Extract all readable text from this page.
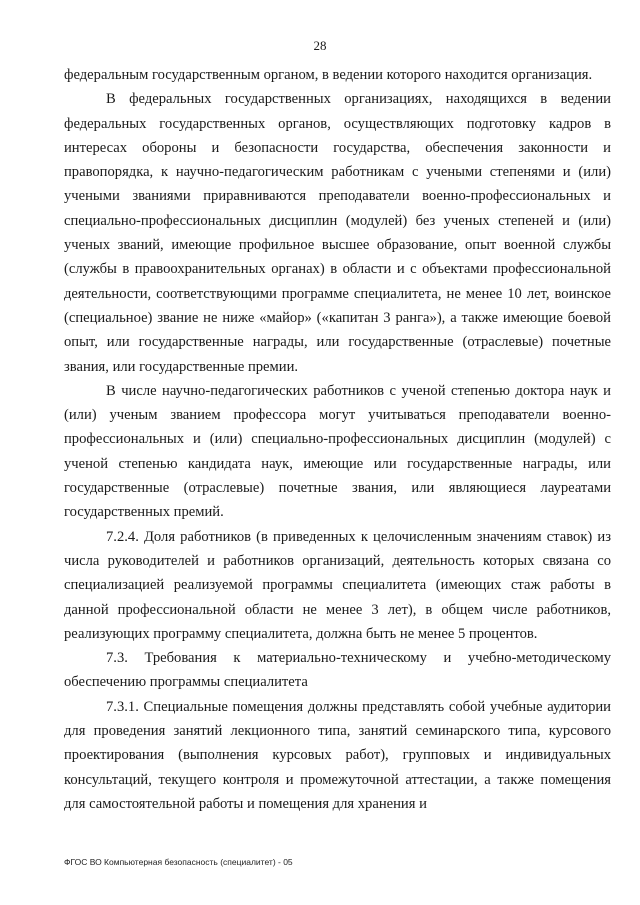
28

федеральным государственным органом, в ведении которого находится организация.

В федеральных государственных организациях, находящихся в ведении федеральных государственных органов, осуществляющих подготовку кадров в интересах обороны и безопасности государства, обеспечения законности и правопорядка, к научно-педагогическим работникам с учеными степенями и (или) учеными званиями приравниваются преподаватели военно-профессиональных и специально-профессиональных дисциплин (модулей) без ученых степеней и (или) ученых званий, имеющие профильное высшее образование, опыт военной службы (службы в правоохранительных органах) в области и с объектами профессиональной деятельности, соответствующими программе специалитета, не менее 10 лет, воинское (специальное) звание не ниже «майор» («капитан 3 ранга»), а также имеющие боевой опыт, или государственные награды, или государственные (отраслевые) почетные звания, или государственные премии.

В числе научно-педагогических работников с ученой степенью доктора наук и (или) ученым званием профессора могут учитываться преподаватели военно-профессиональных и (или) специально-профессиональных дисциплин (модулей) с ученой степенью кандидата наук, имеющие или государственные награды, или государственные (отраслевые) почетные звания, или являющиеся лауреатами государственных премий.

7.2.4. Доля работников (в приведенных к целочисленным значениям ставок) из числа руководителей и работников организаций, деятельность которых связана со специализацией реализуемой программы специалитета (имеющих стаж работы в данной профессиональной области не менее 3 лет), в общем числе работников, реализующих программу специалитета, должна быть не менее 5 процентов.

7.3. Требования к материально-техническому и учебно-методическому обеспечению программы специалитета

7.3.1. Специальные помещения должны представлять собой учебные аудитории для проведения занятий лекционного типа, занятий семинарского типа, курсового проектирования (выполнения курсовых работ), групповых и индивидуальных консультаций, текущего контроля и промежуточной аттестации, а также помещения для самостоятельной работы и помещения для хранения и

ФГОС ВО Компьютерная безопасность (специалитет) - 05
